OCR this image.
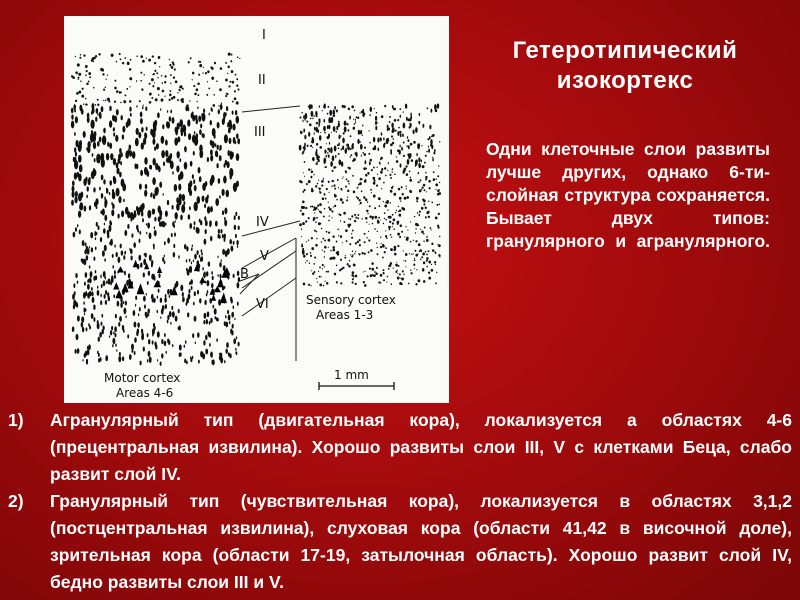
I
II
III
IV
V
VI
B
Motor cortex
Areas 4-6
Sensory cortex
Areas 1-3
1 mm
Гетеротипический
изокортекс

Одни клеточные слои развиты лучше других, однако 6-ти-слойная структура сохраняется.

Бывает двух типов: гранулярного и агранулярного.

1) Агранулярный тип (двигательная кора), локализуется а областях 4-6 (прецентральная извилина). Хорошо развиты слои III, V с клетками Беца, слабо развит слой IV.
2) Гранулярный тип (чувствительная кора), локализуется в областях 3,1,2 (постцентральная извилина), слуховая кора (области 41,42 в височной доле), зрительная кора (области 17-19, затылочная область). Хорошо развит слой IV, бедно развиты слои III и V.
